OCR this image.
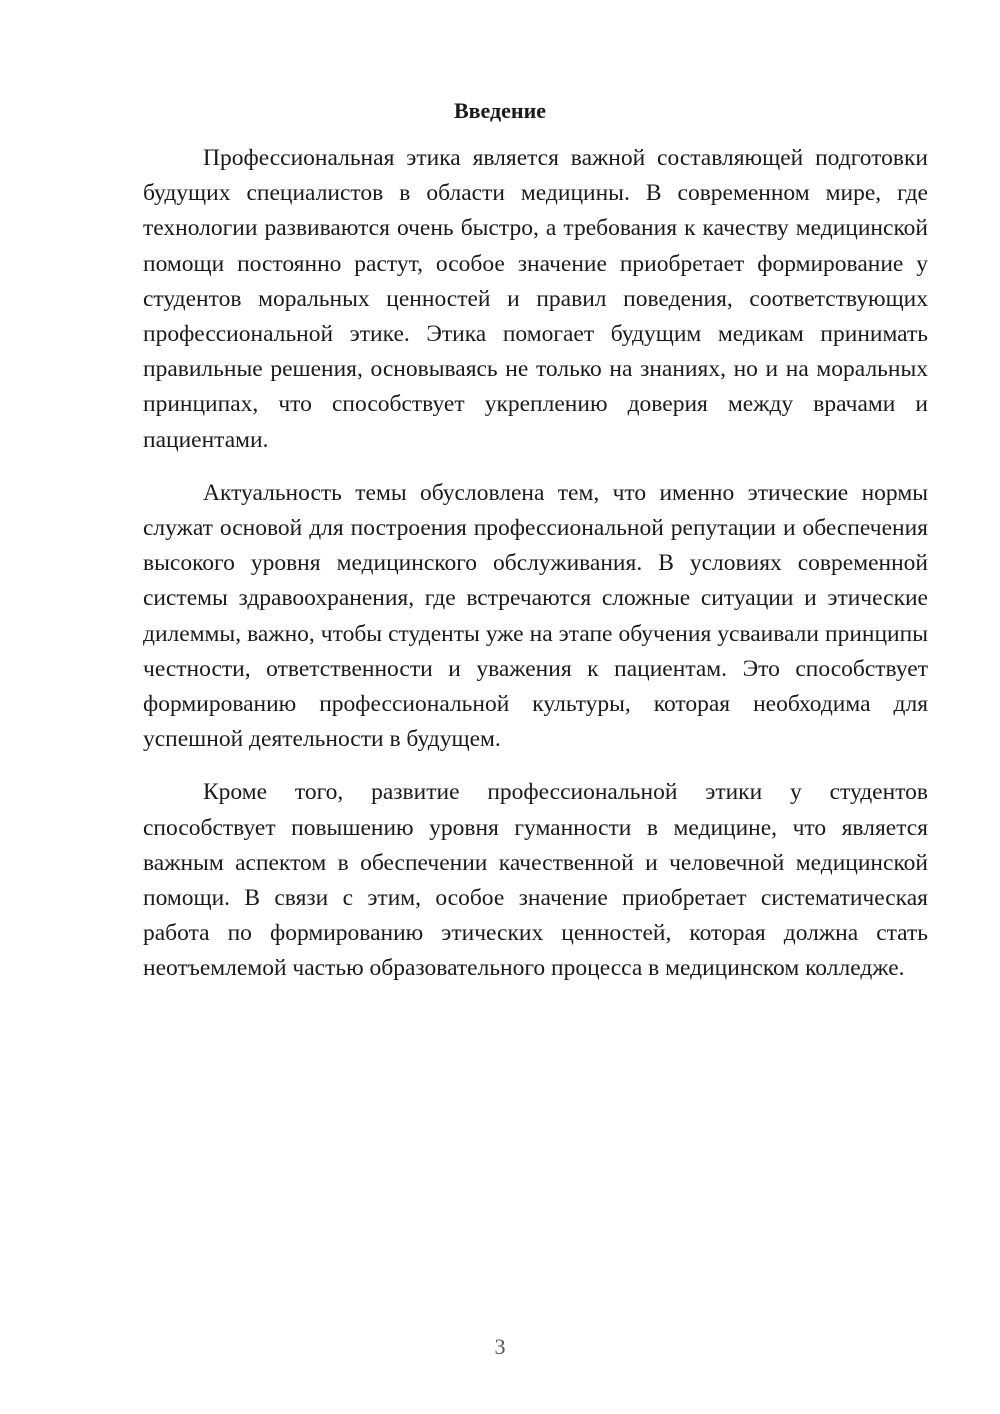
Введение

Профессиональная этика является важной составляющей подготовки будущих специалистов в области медицины. В современном мире, где технологии развиваются очень быстро, а требования к качеству медицинской помощи постоянно растут, особое значение приобретает формирование у студентов моральных ценностей и правил поведения, соответствующих профессиональной этике. Этика помогает будущим медикам принимать правильные решения, основываясь не только на знаниях, но и на моральных принципах, что способствует укреплению доверия между врачами и пациентами.

Актуальность темы обусловлена тем, что именно этические нормы служат основой для построения профессиональной репутации и обеспечения высокого уровня медицинского обслуживания. В условиях современной системы здравоохранения, где встречаются сложные ситуации и этические дилеммы, важно, чтобы студенты уже на этапе обучения усваивали принципы честности, ответственности и уважения к пациентам. Это способствует формированию профессиональной культуры, которая необходима для успешной деятельности в будущем.

Кроме того, развитие профессиональной этики у студентов способствует повышению уровня гуманности в медицине, что является важным аспектом в обеспечении качественной и человечной медицинской помощи. В связи с этим, особое значение приобретает систематическая работа по формированию этических ценностей, которая должна стать неотъемлемой частью образовательного процесса в медицинском колледже.

3
